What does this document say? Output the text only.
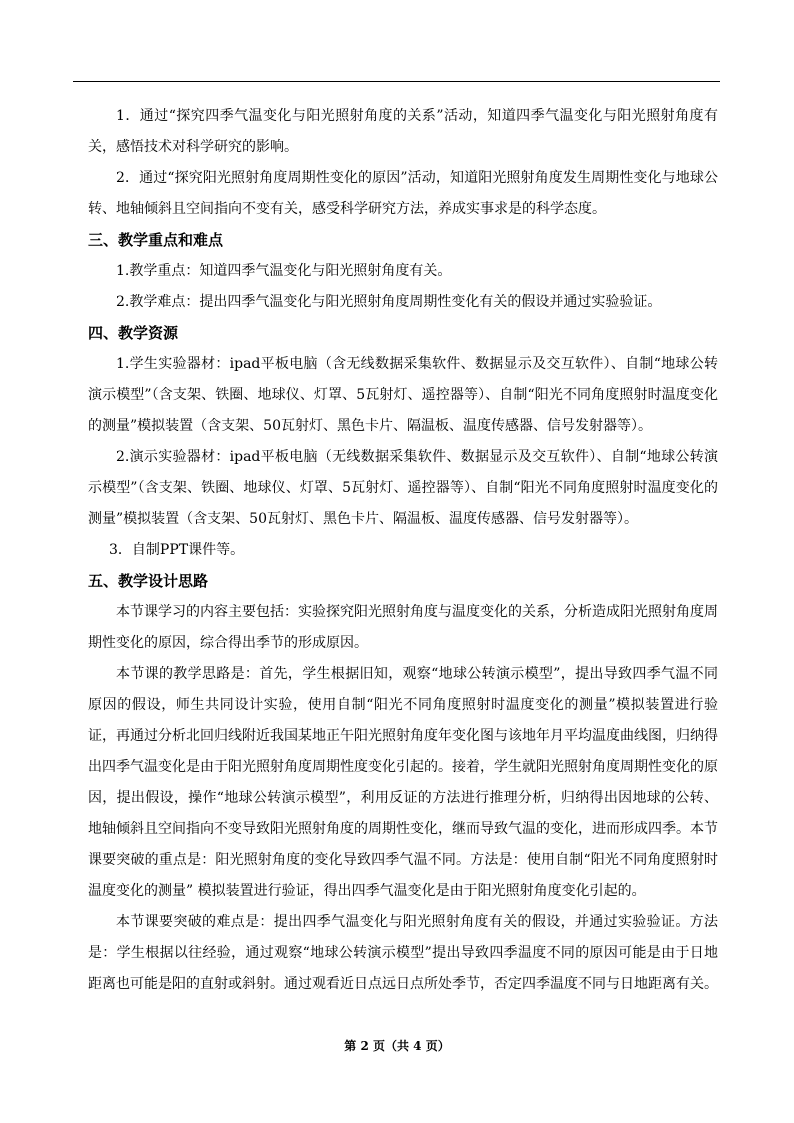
1．通过“探究四季气温变化与阳光照射角度的关系”活动，知道四季气温变化与阳光照射角度有关，感悟技术对科学研究的影响。

2．通过“探究阳光照射角度周期性变化的原因”活动，知道阳光照射角度发生周期性变化与地球公转、地轴倾斜且空间指向不变有关，感受科学研究方法，养成实事求是的科学态度。

三、教学重点和难点

1.教学重点：知道四季气温变化与阳光照射角度有关。

2.教学难点：提出四季气温变化与阳光照射角度周期性变化有关的假设并通过实验验证。

四、教学资源

1.学生实验器材：ipad平板电脑（含无线数据采集软件、数据显示及交互软件）、自制“地球公转演示模型”（含支架、铁圈、地球仪、灯罩、5瓦射灯、遥控器等）、自制“阳光不同角度照射时温度变化的测量”模拟装置（含支架、50瓦射灯、黑色卡片、隔温板、温度传感器、信号发射器等）。

2.演示实验器材：ipad平板电脑（无线数据采集软件、数据显示及交互软件）、自制“地球公转演示模型”（含支架、铁圈、地球仪、灯罩、5瓦射灯、遥控器等）、自制“阳光不同角度照射时温度变化的测量”模拟装置（含支架、50瓦射灯、黑色卡片、隔温板、温度传感器、信号发射器等）。

3．自制PPT课件等。

五、教学设计思路

本节课学习的内容主要包括：实验探究阳光照射角度与温度变化的关系，分析造成阳光照射角度周期性变化的原因，综合得出季节的形成原因。

本节课的教学思路是：首先，学生根据旧知，观察“地球公转演示模型”，提出导致四季气温不同原因的假设，师生共同设计实验，使用自制“阳光不同角度照射时温度变化的测量”模拟装置进行验证，再通过分析北回归线附近我国某地正午阳光照射角度年变化图与该地年月平均温度曲线图，归纳得出四季气温变化是由于阳光照射角度周期性度变化引起的。接着，学生就阳光照射角度周期性变化的原因，提出假设，操作“地球公转演示模型”，利用反证的方法进行推理分析，归纳得出因地球的公转、地轴倾斜且空间指向不变导致阳光照射角度的周期性变化，继而导致气温的变化，进而形成四季。本节课要突破的重点是：阳光照射角度的变化导致四季气温不同。方法是：使用自制“阳光不同角度照射时温度变化的测量” 模拟装置进行验证，得出四季气温变化是由于阳光照射角度变化引起的。

本节课要突破的难点是：提出四季气温变化与阳光照射角度有关的假设，并通过实验验证。方法是：学生根据以往经验，通过观察“地球公转演示模型”提出导致四季温度不同的原因可能是由于日地距离也可能是阳的直射或斜射。通过观看近日点远日点所处季节，否定四季温度不同与日地距离有关。

第 2 页（共 4 页）
